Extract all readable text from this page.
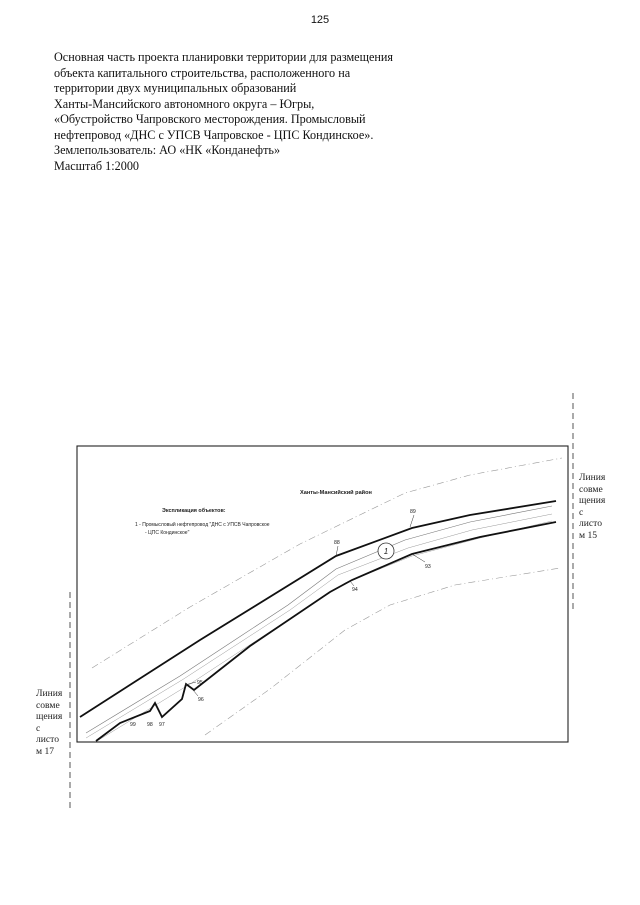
125
Основная часть проекта планировки территории для размещения
объекта капитального строительства, расположенного на
территории двух муниципальных образований
Ханты-Мансийского автономного округа – Югры,
«Обустройство Чапровского месторождения. Промысловый
нефтепровод «ДНС с УПСВ Чапровское - ЦПС Кондинское».
Землепользователь: АО «НК «Конданефть»
Масштаб 1:2000
1
Ханты-Мансийский район
Экспликация объектов:
1 - Промысловый нефтепровод "ДНС с УПСВ Чапровское
- ЦПС Кондинское"
89
88
93
94
95
96
99 98 97
Линия
совме
щения
с
листо
м 15
Линия
совме
щения
с
листо
м 17
